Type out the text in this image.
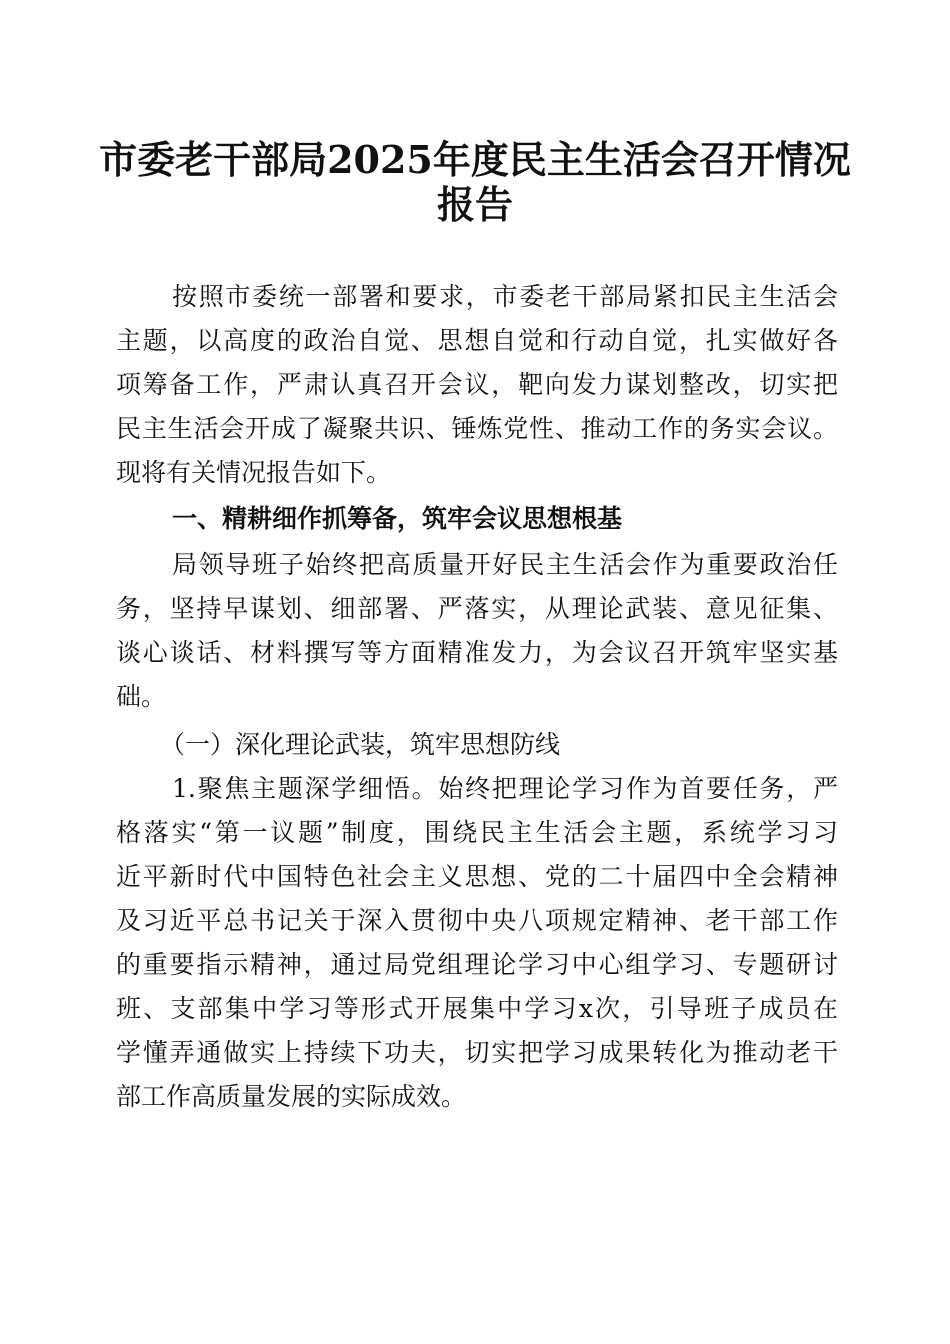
市委老干部局2025年度民主生活会召开情况
报告
按照市委统一部署和要求，市委老干部局紧扣民主生活会
主题，以高度的政治自觉、思想自觉和行动自觉，扎实做好各
项筹备工作，严肃认真召开会议，靶向发力谋划整改，切实把
民主生活会开成了凝聚共识、锤炼党性、推动工作的务实会议。
现将有关情况报告如下。
一、精耕细作抓筹备，筑牢会议思想根基
局领导班子始终把高质量开好民主生活会作为重要政治任
务，坚持早谋划、细部署、严落实，从理论武装、意见征集、
谈心谈话、材料撰写等方面精准发力，为会议召开筑牢坚实基
础。
（一）深化理论武装，筑牢思想防线
1.聚焦主题深学细悟。始终把理论学习作为首要任务，严
格落实“第一议题”制度，围绕民主生活会主题，系统学习习
近平新时代中国特色社会主义思想、党的二十届四中全会精神
及习近平总书记关于深入贯彻中央八项规定精神、老干部工作
的重要指示精神，通过局党组理论学习中心组学习、专题研讨
班、支部集中学习等形式开展集中学习x次，引导班子成员在
学懂弄通做实上持续下功夫，切实把学习成果转化为推动老干
部工作高质量发展的实际成效。
